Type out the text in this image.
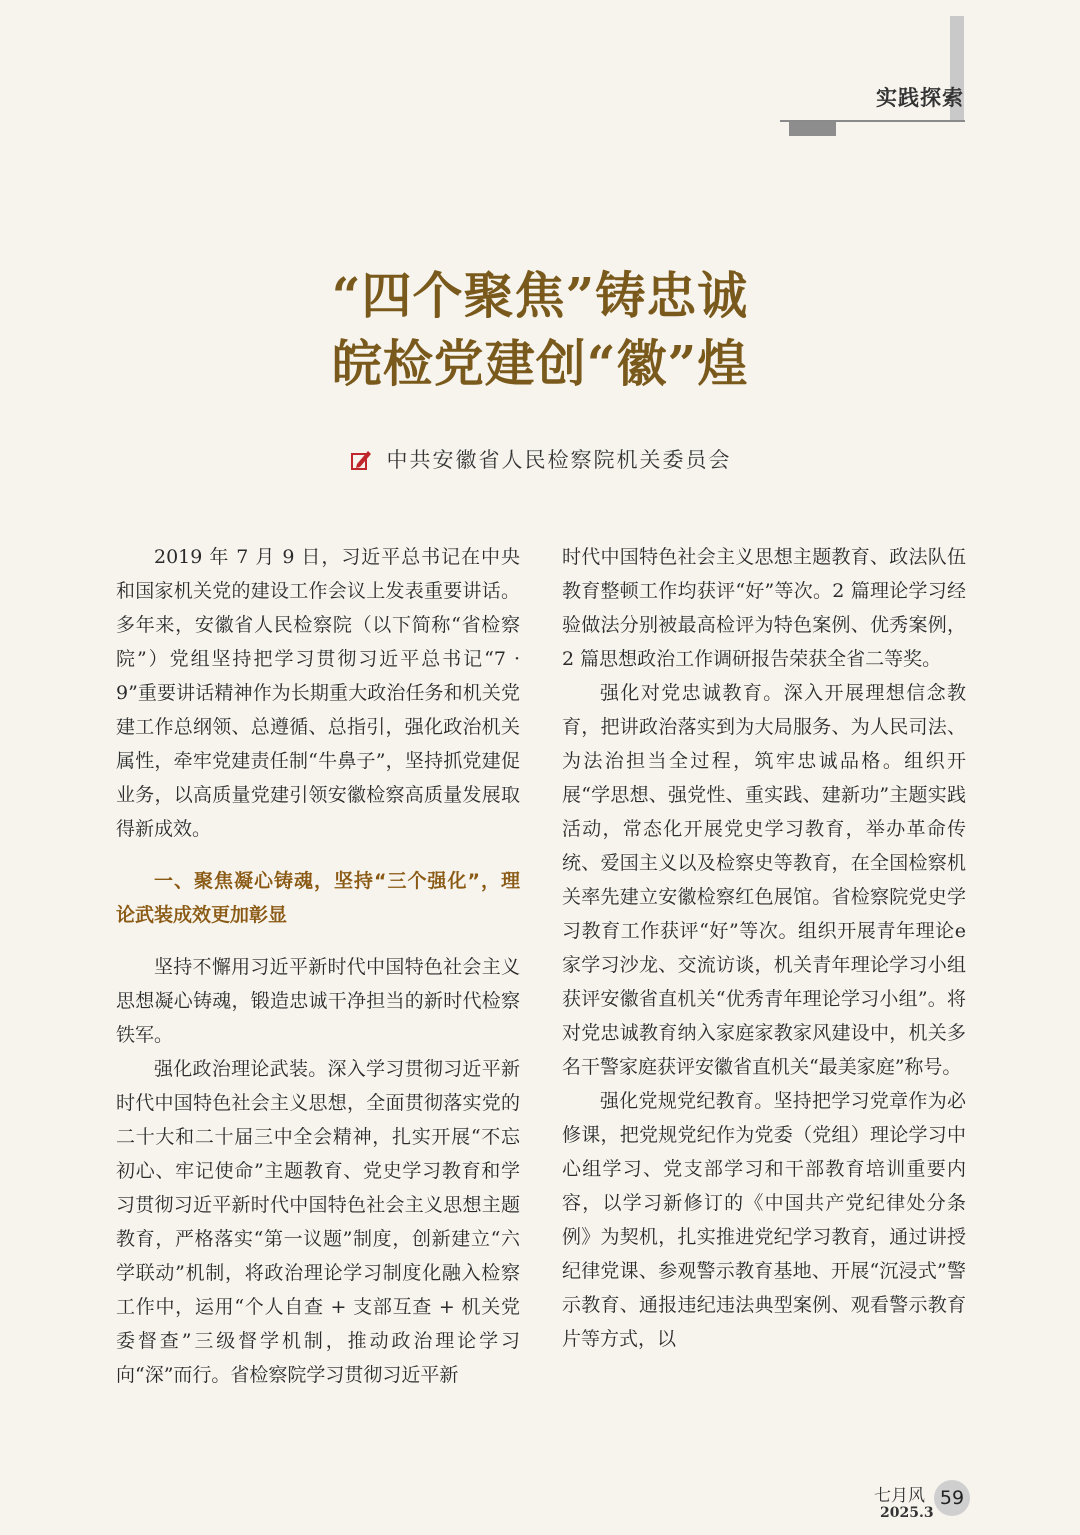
实践探索
“四个聚焦”铸忠诚
皖检党建创“徽”煌
中共安徽省人民检察院机关委员会

2019 年 7 月 9 日，习近平总书记在中央和国家机关党的建设工作会议上发表重要讲话。多年来，安徽省人民检察院（以下简称“省检察院”）党组坚持把学习贯彻习近平总书记“7 · 9”重要讲话精神作为长期重大政治任务和机关党建工作总纲领、总遵循、总指引，强化政治机关属性，牵牢党建责任制“牛鼻子”，坚持抓党建促业务，以高质量党建引领安徽检察高质量发展取得新成效。

一、聚焦凝心铸魂，坚持“三个强化”，理论武装成效更加彰显

坚持不懈用习近平新时代中国特色社会主义思想凝心铸魂，锻造忠诚干净担当的新时代检察铁军。

强化政治理论武装。深入学习贯彻习近平新时代中国特色社会主义思想，全面贯彻落实党的二十大和二十届三中全会精神，扎实开展“不忘初心、牢记使命”主题教育、党史学习教育和学习贯彻习近平新时代中国特色社会主义思想主题教育，严格落实“第一议题”制度，创新建立“六学联动”机制，将政治理论学习制度化融入检察工作中，运用“个人自查 + 支部互查 + 机关党委督查”三级督学机制，推动政治理论学习向“深”而行。省检察院学习贯彻习近平新

时代中国特色社会主义思想主题教育、政法队伍教育整顿工作均获评“好”等次。2 篇理论学习经验做法分别被最高检评为特色案例、优秀案例，2 篇思想政治工作调研报告荣获全省二等奖。

强化对党忠诚教育。深入开展理想信念教育，把讲政治落实到为大局服务、为人民司法、为法治担当全过程，筑牢忠诚品格。组织开展“学思想、强党性、重实践、建新功”主题实践活动，常态化开展党史学习教育，举办革命传统、爱国主义以及检察史等教育，在全国检察机关率先建立安徽检察红色展馆。省检察院党史学习教育工作获评“好”等次。组织开展青年理论e家学习沙龙、交流访谈，机关青年理论学习小组获评安徽省直机关“优秀青年理论学习小组”。将对党忠诚教育纳入家庭家教家风建设中，机关多名干警家庭获评安徽省直机关“最美家庭”称号。

强化党规党纪教育。坚持把学习党章作为必修课，把党规党纪作为党委（党组）理论学习中心组学习、党支部学习和干部教育培训重要内容，以学习新修订的《中国共产党纪律处分条例》为契机，扎实推进党纪学习教育，通过讲授纪律党课、参观警示教育基地、开展“沉浸式”警示教育、通报违纪违法典型案例、观看警示教育片等方式，以

七月风
2025.3
59
